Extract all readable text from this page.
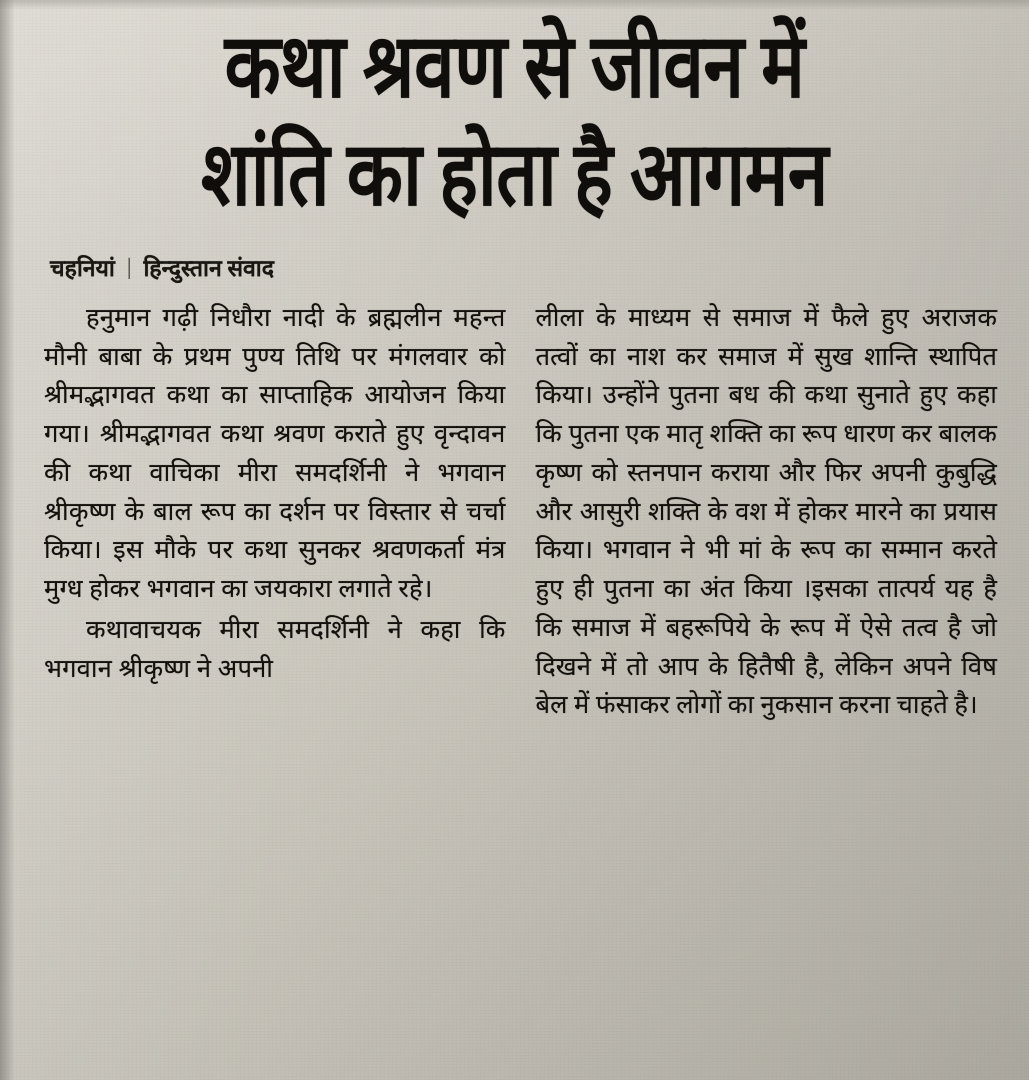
कथा श्रवण से जीवन में
शांति का होता है आगमन
चहनियां | हिन्दुस्तान संवाद

हनुमान गढ़ी निधौरा नादी के ब्रह्मलीन महन्त मौनी बाबा के प्रथम पुण्य तिथि पर मंगलवार को श्रीमद्भागवत कथा का साप्ताहिक आयोजन किया गया। श्रीमद्भागवत कथा श्रवण कराते हुए वृन्दावन की कथा वाचिका मीरा समदर्शिनी ने भगवान श्रीकृष्ण के बाल रूप का दर्शन पर विस्तार से चर्चा किया। इस मौके पर कथा सुनकर श्रवणकर्ता मंत्र मुग्ध होकर भगवान का जयकारा लगाते रहे।

कथावाचयक मीरा समदर्शिनी ने कहा कि भगवान श्रीकृष्ण ने अपनी

लीला के माध्यम से समाज में फैले हुए अराजक तत्वों का नाश कर समाज में सुख शान्ति स्थापित किया। उन्होंने पुतना बध की कथा सुनाते हुए कहा कि पुतना एक मातृ शक्ति का रूप धारण कर बालक कृष्ण को स्तनपान कराया और फिर अपनी कुबुद्धि और आसुरी शक्ति के वश में होकर मारने का प्रयास किया। भगवान ने भी मां के रूप का सम्मान करते हुए ही पुतना का अंत किया ।इसका तात्पर्य यह है कि समाज में बहरूपिये के रूप में ऐसे तत्व है जो दिखने में तो आप के हितैषी है, लेकिन अपने विष बेल में फंसाकर लोगों का नुकसान करना चाहते है।
